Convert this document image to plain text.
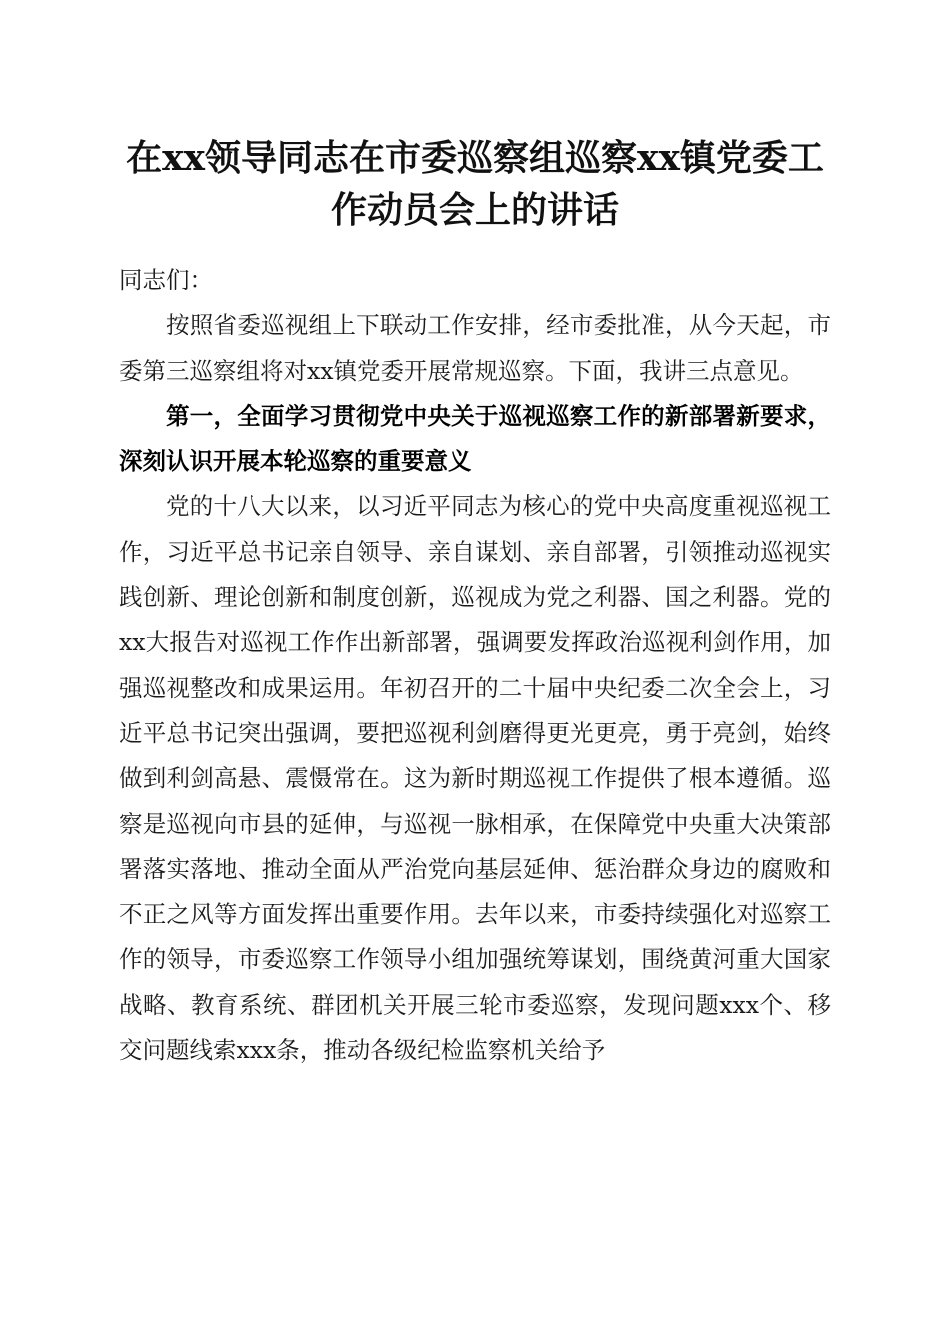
在xx领导同志在市委巡察组巡察xx镇党委工作动员会上的讲话

同志们：

按照省委巡视组上下联动工作安排，经市委批准，从今天起，市委第三巡察组将对xx镇党委开展常规巡察。下面，我讲三点意见。

第一，全面学习贯彻党中央关于巡视巡察工作的新部署新要求，深刻认识开展本轮巡察的重要意义

党的十八大以来，以习近平同志为核心的党中央高度重视巡视工作，习近平总书记亲自领导、亲自谋划、亲自部署，引领推动巡视实践创新、理论创新和制度创新，巡视成为党之利器、国之利器。党的xx大报告对巡视工作作出新部署，强调要发挥政治巡视利剑作用，加强巡视整改和成果运用。年初召开的二十届中央纪委二次全会上，习近平总书记突出强调，要把巡视利剑磨得更光更亮，勇于亮剑，始终做到利剑高悬、震慑常在。这为新时期巡视工作提供了根本遵循。巡察是巡视向市县的延伸，与巡视一脉相承，在保障党中央重大决策部署落实落地、推动全面从严治党向基层延伸、惩治群众身边的腐败和不正之风等方面发挥出重要作用。去年以来，市委持续强化对巡察工作的领导，市委巡察工作领导小组加强统筹谋划，围绕黄河重大国家战略、教育系统、群团机关开展三轮市委巡察，发现问题xxx个、移交问题线索xxx条，推动各级纪检监察机关给予
